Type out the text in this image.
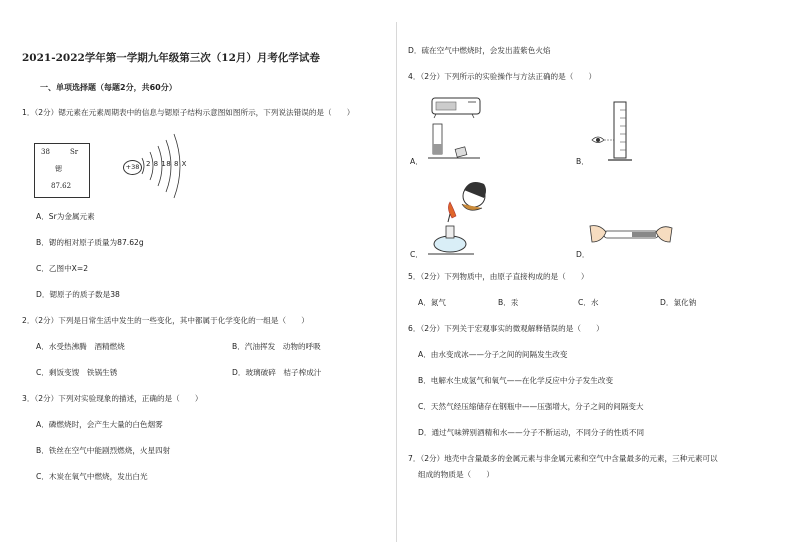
2021-2022学年第一学期九年级第三次（12月）月考化学试卷
一、单项选择题（每题2分，共60分）
1．（2分）锶元素在元素周期表中的信息与锶原子结构示意图如图所示，下列说法错误的是（　　）
38	Sr
锶
87.62
+38 2 8 18 8 X
A．Sr为金属元素
B．锶的相对原子质量为87.62g
C．乙图中X=2
D．锶原子的质子数是38
2．（2分）下列是日常生活中发生的一些变化，其中都属于化学变化的一组是（　　）
A．水受热沸腾　酒精燃烧	B．汽油挥发　动物的呼吸
C．剩饭变馊　铁锅生锈	D．玻璃破碎　桔子榨成汁
3．（2分）下列对实验现象的描述，正确的是（　　）
A．磷燃烧时，会产生大量的白色烟雾
B．铁丝在空气中能剧烈燃烧，火星四射
C．木炭在氧气中燃烧，发出白光
D．硫在空气中燃烧时，会发出蓝紫色火焰
4．（2分）下列所示的实验操作与方法正确的是（　　）
A．	B．
C．	D．
5．（2分）下列物质中，由原子直接构成的是（　　）
A．氮气	B．汞	C．水	D．氯化钠
6．（2分）下列关于宏观事实的微观解释错误的是（　　）
A．由水变成冰——分子之间的间隔发生改变
B．电解水生成氢气和氧气——在化学反应中分子发生改变
C．天然气经压缩储存在钢瓶中——压强增大，分子之间的间隔变大
D．通过气味辨别酒精和水——分子不断运动，不同分子的性质不同
7．（2分）地壳中含量最多的金属元素与非金属元素和空气中含量最多的元素，三种元素可以
组成的物质是（　　）
